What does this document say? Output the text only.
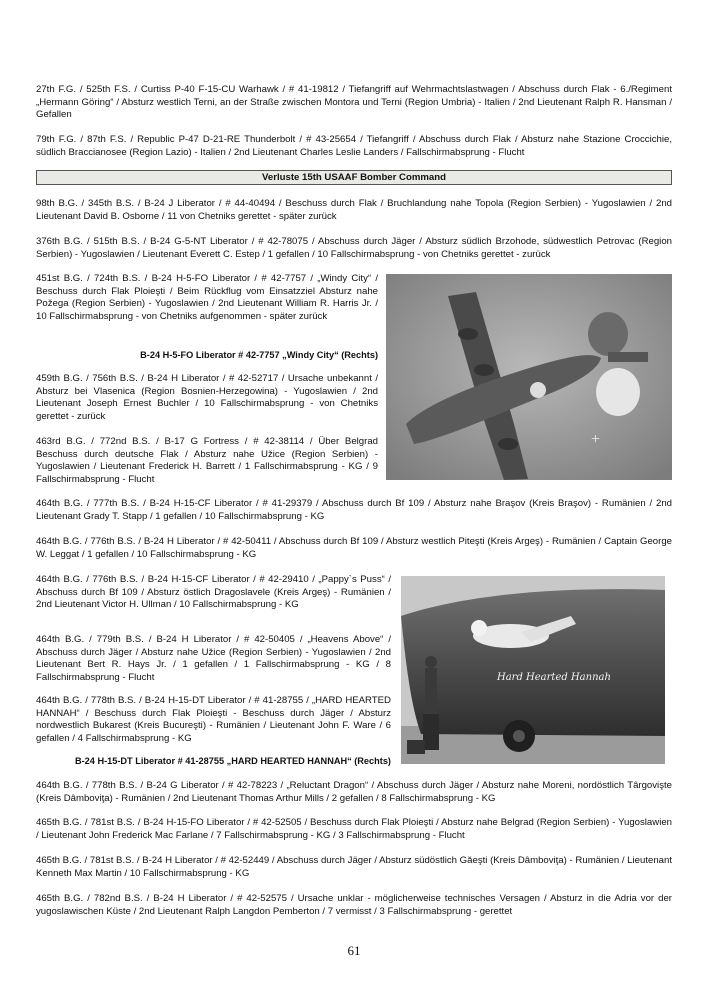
27th F.G. / 525th F.S. / Curtiss P-40 F-15-CU Warhawk / # 41-19812 / Tiefangriff auf Wehrmachtslastwagen / Abschuss durch Flak - 6./Regiment „Hermann Göring“ / Absturz westlich Terni, an der Straße zwischen Montora und Terni (Region Umbria) - Italien / 2nd Lieutenant Ralph R. Hansman / Gefallen

79th F.G. / 87th F.S. / Republic P-47 D-21-RE Thunderbolt / # 43-25654 / Tiefangriff / Abschuss durch Flak / Absturz nahe Stazione Croccichie, südlich Braccianosee (Region Lazio) - Italien / 2nd Lieutenant Charles Leslie Landers / Fallschirmabsprung - Flucht

Verluste 15th USAAF Bomber Command

98th B.G. / 345th B.S. / B-24 J Liberator / # 44-40494 / Beschuss durch Flak / Bruchlandung nahe Topola (Region Serbien) - Yugoslawien / 2nd Lieutenant David B. Osborne / 11 von Chetniks gerettet - später zurück

376th B.G. / 515th B.S. / B-24 G-5-NT Liberator / # 42-78075 / Abschuss durch Jäger / Absturz südlich Brzohode, südwestlich Petrovac (Region Serbien) - Yugoslawien / Lieutenant Everett C. Estep / 1 gefallen / 10 Fallschirmabsprung - von Chetniks gerettet - zurück

451st B.G. / 724th B.S. / B-24 H-5-FO Liberator / # 42-7757 / „Windy City“ / Beschuss durch Flak Ploieşti / Beim Rückflug vom Einsatzziel Absturz nahe Požega (Region Serbien) - Yugoslawien / 2nd Lieutenant William R. Harris Jr. / 10 Fallschirmabsprung - von Chetniks aufgenommen - später zurück

B-24 H-5-FO Liberator # 42-7757 „Windy City“ (Rechts)

459th B.G. / 756th B.S. / B-24 H Liberator / # 42-52717 / Ursache unbekannt / Absturz bei Vlasenica (Region Bosnien-Herzegowina) - Yugoslawien / 2nd Lieutenant Joseph Ernest Buchler / 10 Fallschirmabsprung - von Chetniks gerettet - zurück

463rd B.G. / 772nd B.S. / B-17 G Fortress / # 42-38114 / Über Belgrad Beschuss durch deutsche Flak / Absturz nahe Užice (Region Serbien) - Yugoslawien / Lieutenant Frederick H. Barrett / 1 Fallschirmabsprung - KG / 9 Fallschirmabsprung - Flucht

+

464th B.G. / 777th B.S. / B-24 H-15-CF Liberator / # 41-29379 / Abschuss durch Bf 109 / Absturz nahe Braşov (Kreis Braşov) - Rumänien / 2nd Lieutenant Grady T. Stapp / 1 gefallen / 10 Fallschirmabsprung - KG

464th B.G. / 776th B.S. / B-24 H Liberator / # 42-50411 / Abschuss durch Bf 109 / Absturz westlich Piteşti (Kreis Argeş) - Rumänien / Captain George W. Leggat / 1 gefallen / 10 Fallschirmabsprung - KG

464th B.G. / 776th B.S. / B-24 H-15-CF Liberator / # 42-29410 / „Pappy`s Puss“ / Abschuss durch Bf 109 / Absturz östlich Dragoslavele (Kreis Argeş) - Rumänien / 2nd Lieutenant Victor H. Ullman / 10 Fallschirmabsprung - KG

464th B.G. / 779th B.S. / B-24 H Liberator / # 42-50405 / „Heavens Above“ / Abschuss durch Jäger / Absturz nahe Užice (Region Serbien) - Yugoslawien / 2nd Lieutenant Bert R. Hays Jr. / 1 gefallen / 1 Fallschirmabsprung - KG / 8 Fallschirmabsprung - Flucht

464th B.G. / 778th B.S. / B-24 H-15-DT Liberator / # 41-28755 / „HARD HEARTED HANNAH“ / Beschuss durch Flak Ploieşti - Beschuss durch Jäger / Absturz nordwestlich Bukarest (Kreis Bucureşti) - Rumänien / Lieutenant John F. Ware / 6 gefallen / 4 Fallschirmabsprung - KG

B-24 H-15-DT Liberator # 41-28755 „HARD HEARTED HANNAH“ (Rechts)

Hard Hearted Hannah

464th B.G. / 778th B.S. / B-24 G Liberator / # 42-78223 / „Reluctant Dragon“ / Abschuss durch Jäger / Absturz nahe Moreni, nordöstlich Târgovişte (Kreis Dâmboviţa) - Rumänien / 2nd Lieutenant Thomas Arthur Mills / 2 gefallen / 8 Fallschirmabsprung - KG

465th B.G. / 781st B.S. / B-24 H-15-FO Liberator / # 42-52505 / Beschuss durch Flak Ploieşti / Absturz nahe Belgrad (Region Serbien) - Yugoslawien / Lieutenant John Frederick Mac Farlane / 7 Fallschirmabsprung - KG / 3 Fallschirmabsprung - Flucht

465th B.G. / 781st B.S. / B-24 H Liberator / # 42-52449 / Abschuss durch Jäger / Absturz südöstlich Găeşti (Kreis Dâmboviţa) - Rumänien / Lieutenant Kenneth Max Martin / 10 Fallschirmabsprung - KG

465th B.G. / 782nd B.S. / B-24 H Liberator / # 42-52575 / Ursache unklar - möglicherweise technisches Versagen / Absturz in die Adria vor der yugoslawischen Küste / 2nd Lieutenant Ralph Langdon Pemberton / 7 vermisst / 3 Fallschirmabsprung - gerettet

61
